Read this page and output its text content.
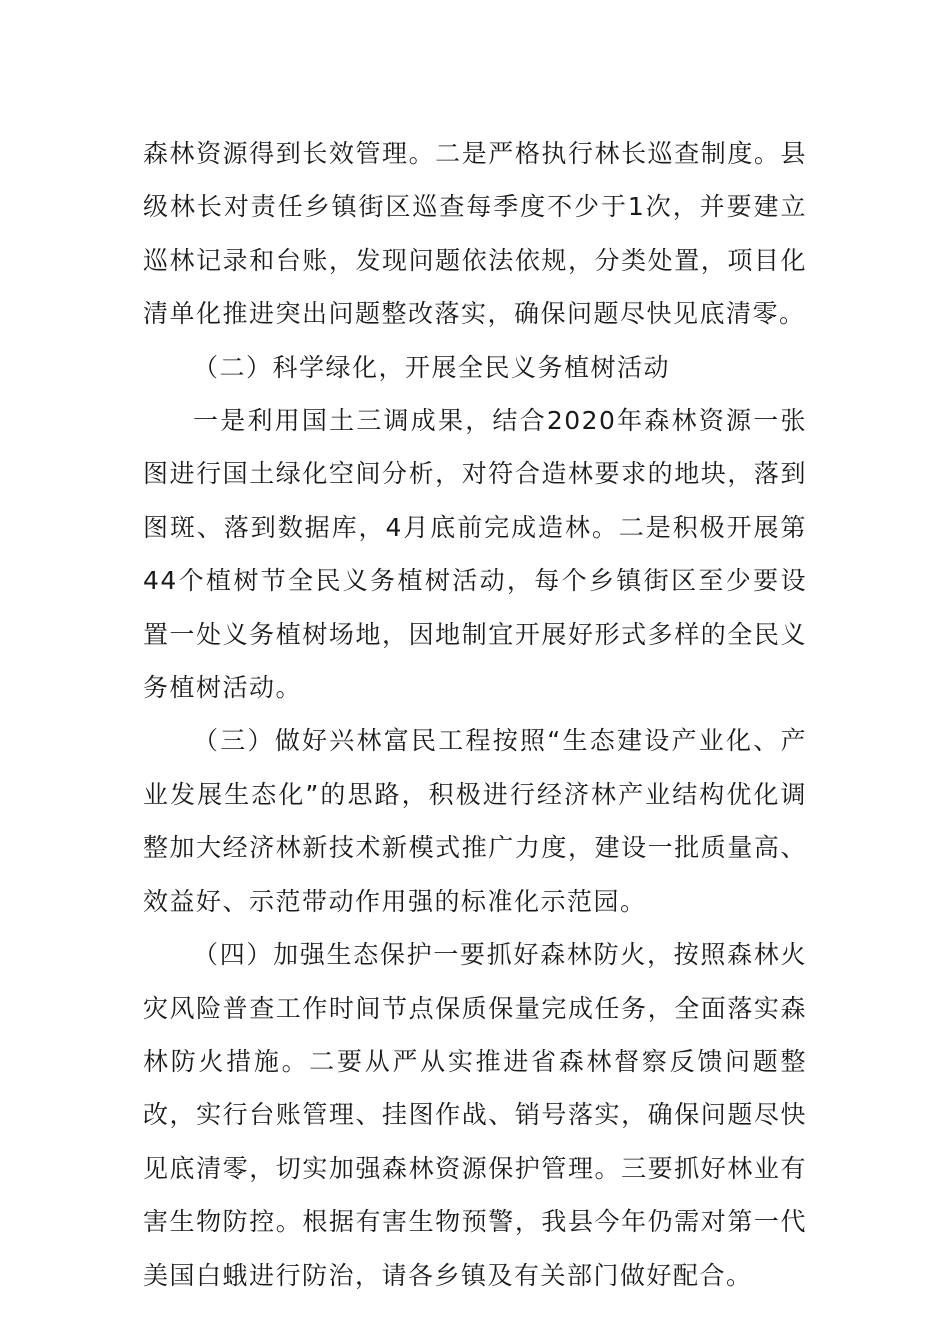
森林资源得到长效管理。二是严格执行林长巡查制度。县级林长对责任乡镇街区巡查每季度不少于1次，并要建立巡林记录和台账，发现问题依法依规，分类处置，项目化清单化推进突出问题整改落实，确保问题尽快见底清零。

（二）科学绿化，开展全民义务植树活动

一是利用国土三调成果，结合2020年森林资源一张图进行国土绿化空间分析，对符合造林要求的地块，落到图斑、落到数据库，4月底前完成造林。二是积极开展第44个植树节全民义务植树活动，每个乡镇街区至少要设置一处义务植树场地，因地制宜开展好形式多样的全民义务植树活动。

（三）做好兴林富民工程按照“生态建设产业化、产业发展生态化”的思路，积极进行经济林产业结构优化调整加大经济林新技术新模式推广力度，建设一批质量高、效益好、示范带动作用强的标准化示范园。

（四）加强生态保护一要抓好森林防火，按照森林火灾风险普查工作时间节点保质保量完成任务，全面落实森林防火措施。二要从严从实推进省森林督察反馈问题整改，实行台账管理、挂图作战、销号落实，确保问题尽快见底清零，切实加强森林资源保护管理。三要抓好林业有害生物防控。根据有害生物预警，我县今年仍需对第一代美国白蛾进行防治，请各乡镇及有关部门做好配合。
